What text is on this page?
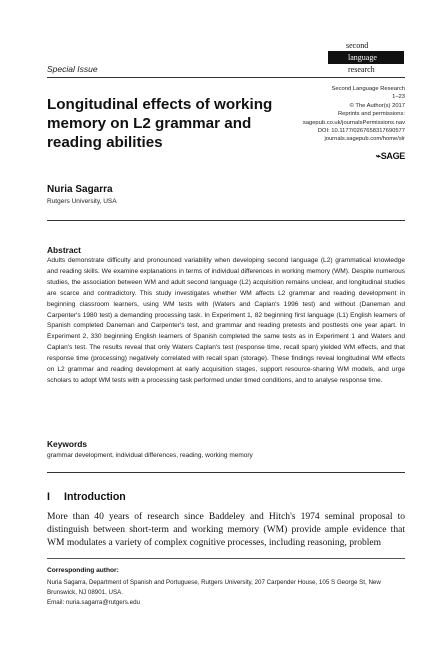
second
language
research
Special Issue
Second Language Research
1–23
© The Author(s) 2017
Reprints and permissions:
sagepub.co.uk/journalsPermissions.nav
DOI: 10.1177/0267658317690577
journals.sagepub.com/home/slr
⌁SAGE
Longitudinal effects of working memory on L2 grammar and reading abilities
Nuria Sagarra
Rutgers University, USA
Abstract
Adults demonstrate difficulty and pronounced variability when developing second language (L2) grammatical knowledge and reading skills. We examine explanations in terms of individual differences in working memory (WM). Despite numerous studies, the association between WM and adult second language (L2) acquisition remains unclear, and longitudinal studies are scarce and contradictory. This study investigates whether WM affects L2 grammar and reading development in beginning classroom learners, using WM tests with (Waters and Caplan's 1996 test) and without (Daneman and Carpenter's 1980 test) a demanding processing task. In Experiment 1, 82 beginning first language (L1) English learners of Spanish completed Daneman and Carpenter's test, and grammar and reading pretests and posttests one year apart. In Experiment 2, 330 beginning English learners of Spanish completed the same tests as in Experiment 1 and Waters and Caplan's test. The results reveal that only Waters Caplan's test (response time, recall span) yielded WM effects, and that response time (processing) negatively correlated with recall span (storage). These findings reveal longitudinal WM effects on L2 grammar and reading development at early acquisition stages, support resource-sharing WM models, and urge scholars to adopt WM tests with a processing task performed under timed conditions, and to analyse response time.
Keywords
grammar development, individual differences, reading, working memory
I Introduction
More than 40 years of research since Baddeley and Hitch's 1974 seminal proposal to distinguish between short-term and working memory (WM) provide ample evidence that WM modulates a variety of complex cognitive processes, including reasoning, problem
Corresponding author:
Nuria Sagarra, Department of Spanish and Portuguese, Rutgers University, 207 Carpender House, 105 S George St, New Brunswick, NJ 08901, USA.
Email: nuria.sagarra@rutgers.edu
